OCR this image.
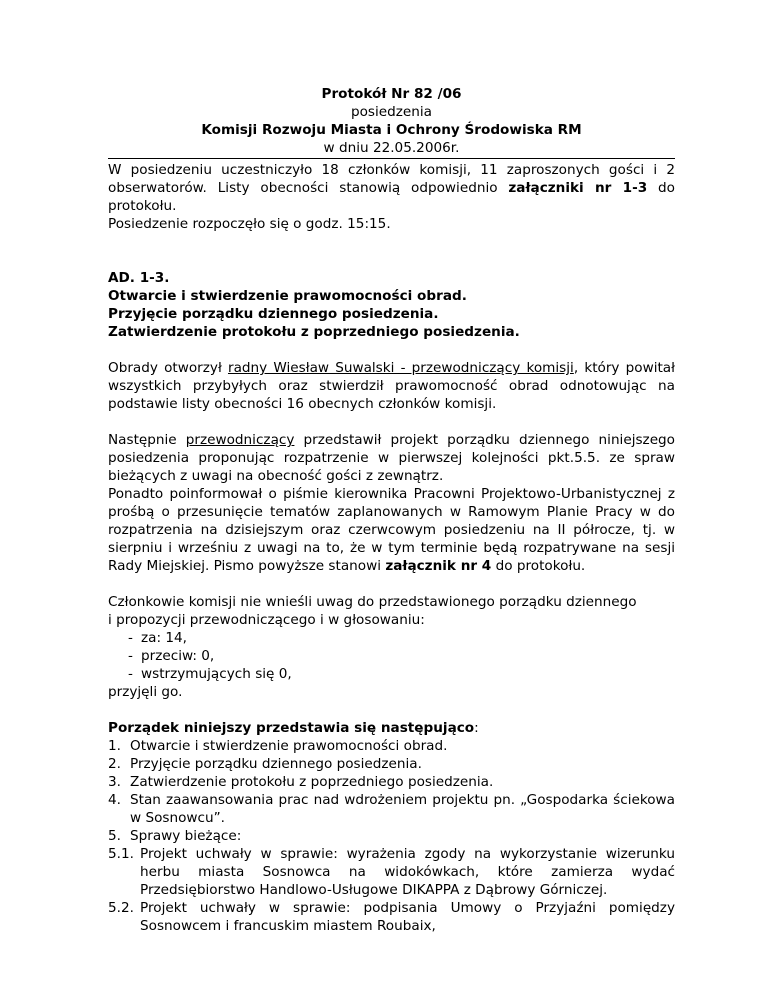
Protokół Nr 82 /06
posiedzenia
Komisji Rozwoju Miasta i Ochrony Środowiska RM
w dniu 22.05.2006r.

W posiedzeniu uczestniczyło 18 członków komisji, 11 zaproszonych gości i 2 obserwatorów. Listy obecności stanowią odpowiednio załączniki nr 1-3 do protokołu.

Posiedzenie rozpoczęło się o godz. 15:15.

AD. 1-3.
Otwarcie i stwierdzenie prawomocności obrad.
Przyjęcie porządku dziennego posiedzenia.
Zatwierdzenie protokołu z poprzedniego posiedzenia.

Obrady otworzył radny Wiesław Suwalski - przewodniczący komisji, który powitał wszystkich przybyłych oraz stwierdził prawomocność obrad odnotowując na podstawie listy obecności 16 obecnych członków komisji.

Następnie przewodniczący przedstawił projekt porządku dziennego niniejszego posiedzenia proponując rozpatrzenie w pierwszej kolejności pkt.5.5. ze spraw bieżących z uwagi na obecność gości z zewnątrz.

Ponadto poinformował o piśmie kierownika Pracowni Projektowo-Urbanistycznej z prośbą o przesunięcie tematów zaplanowanych w Ramowym Planie Pracy w do rozpatrzenia na dzisiejszym oraz czerwcowym posiedzeniu na II półrocze, tj. w sierpniu i wrześniu z uwagi na to, że w tym terminie będą rozpatrywane na sesji Rady Miejskiej. Pismo powyższe stanowi załącznik nr 4 do protokołu.

Członkowie komisji nie wnieśli uwag do przedstawionego porządku dziennego

i propozycji przewodniczącego i w głosowaniu:

- za: 14,
- przeciw: 0,
- wstrzymujących się 0,

przyjęli go.

Porządek niniejszy przedstawia się następująco:

1. Otwarcie i stwierdzenie prawomocności obrad.
2. Przyjęcie porządku dziennego posiedzenia.
3. Zatwierdzenie protokołu z poprzedniego posiedzenia.
4. Stan zaawansowania prac nad wdrożeniem projektu pn. „Gospodarka ściekowa w Sosnowcu”.
5. Sprawy bieżące:
5.1. Projekt uchwały w sprawie: wyrażenia zgody na wykorzystanie wizerunku herbu miasta Sosnowca na widokówkach, które zamierza wydać Przedsiębiorstwo Handlowo-Usługowe DIKAPPA z Dąbrowy Górniczej.
5.2. Projekt uchwały w sprawie: podpisania Umowy o Przyjaźni pomiędzy Sosnowcem i francuskim miastem Roubaix,
